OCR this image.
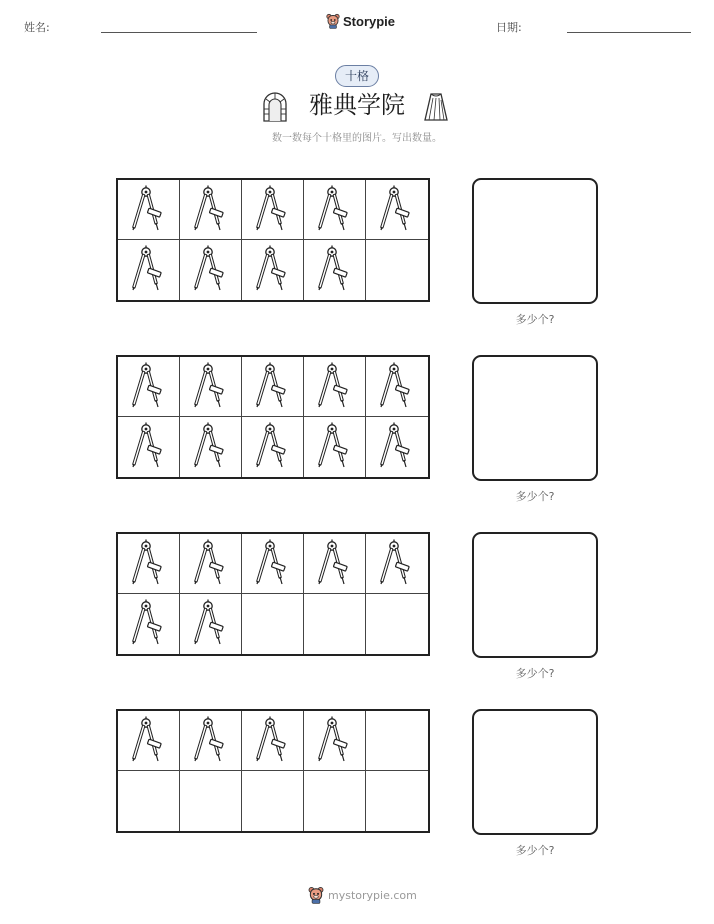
姓名:	Storypie	日期:
十格
雅典学院
数一数每个十格里的图片。写出数量。
多少个?
多少个?
多少个?
多少个?
mystorypie.com
